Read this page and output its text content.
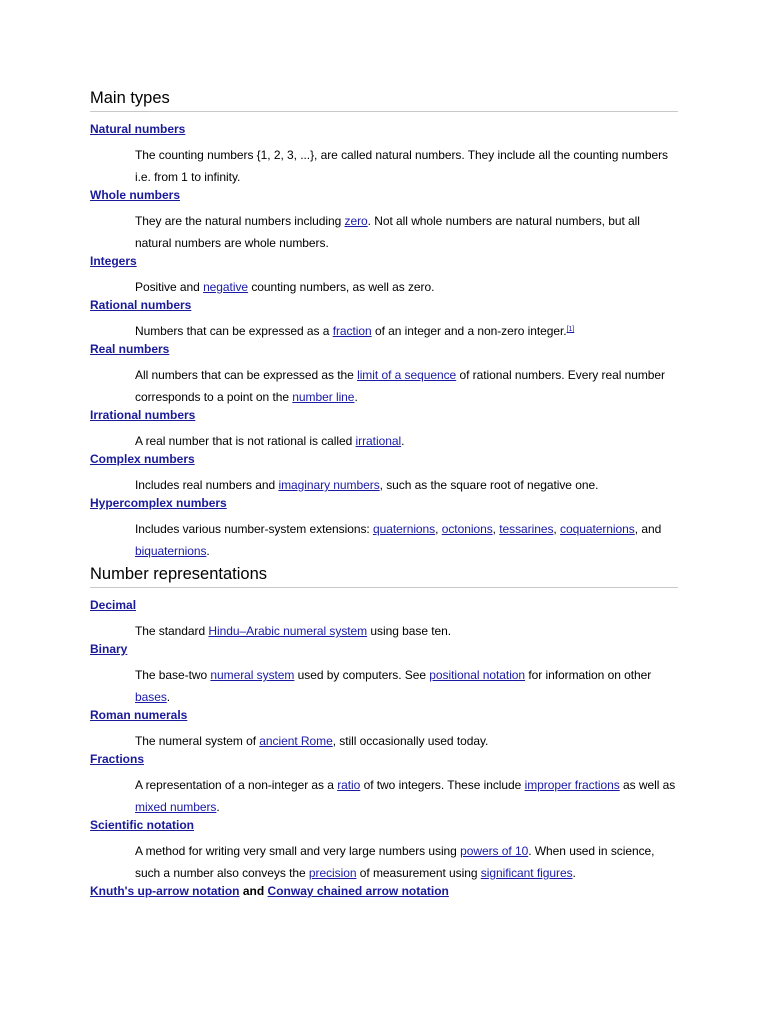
Main types
Natural numbers
The counting numbers {1, 2, 3, ...}, are called natural numbers. They include all the counting numbers i.e. from 1 to infinity.
Whole numbers
They are the natural numbers including zero. Not all whole numbers are natural numbers, but all natural numbers are whole numbers.
Integers
Positive and negative counting numbers, as well as zero.
Rational numbers
Numbers that can be expressed as a fraction of an integer and a non-zero integer.[1]
Real numbers
All numbers that can be expressed as the limit of a sequence of rational numbers. Every real number corresponds to a point on the number line.
Irrational numbers
A real number that is not rational is called irrational.
Complex numbers
Includes real numbers and imaginary numbers, such as the square root of negative one.
Hypercomplex numbers
Includes various number-system extensions: quaternions, octonions, tessarines, coquaternions, and biquaternions.
Number representations
Decimal
The standard Hindu–Arabic numeral system using base ten.
Binary
The base-two numeral system used by computers. See positional notation for information on other bases.
Roman numerals
The numeral system of ancient Rome, still occasionally used today.
Fractions
A representation of a non-integer as a ratio of two integers. These include improper fractions as well as mixed numbers.
Scientific notation
A method for writing very small and very large numbers using powers of 10. When used in science, such a number also conveys the precision of measurement using significant figures.
Knuth's up-arrow notation and Conway chained arrow notation
